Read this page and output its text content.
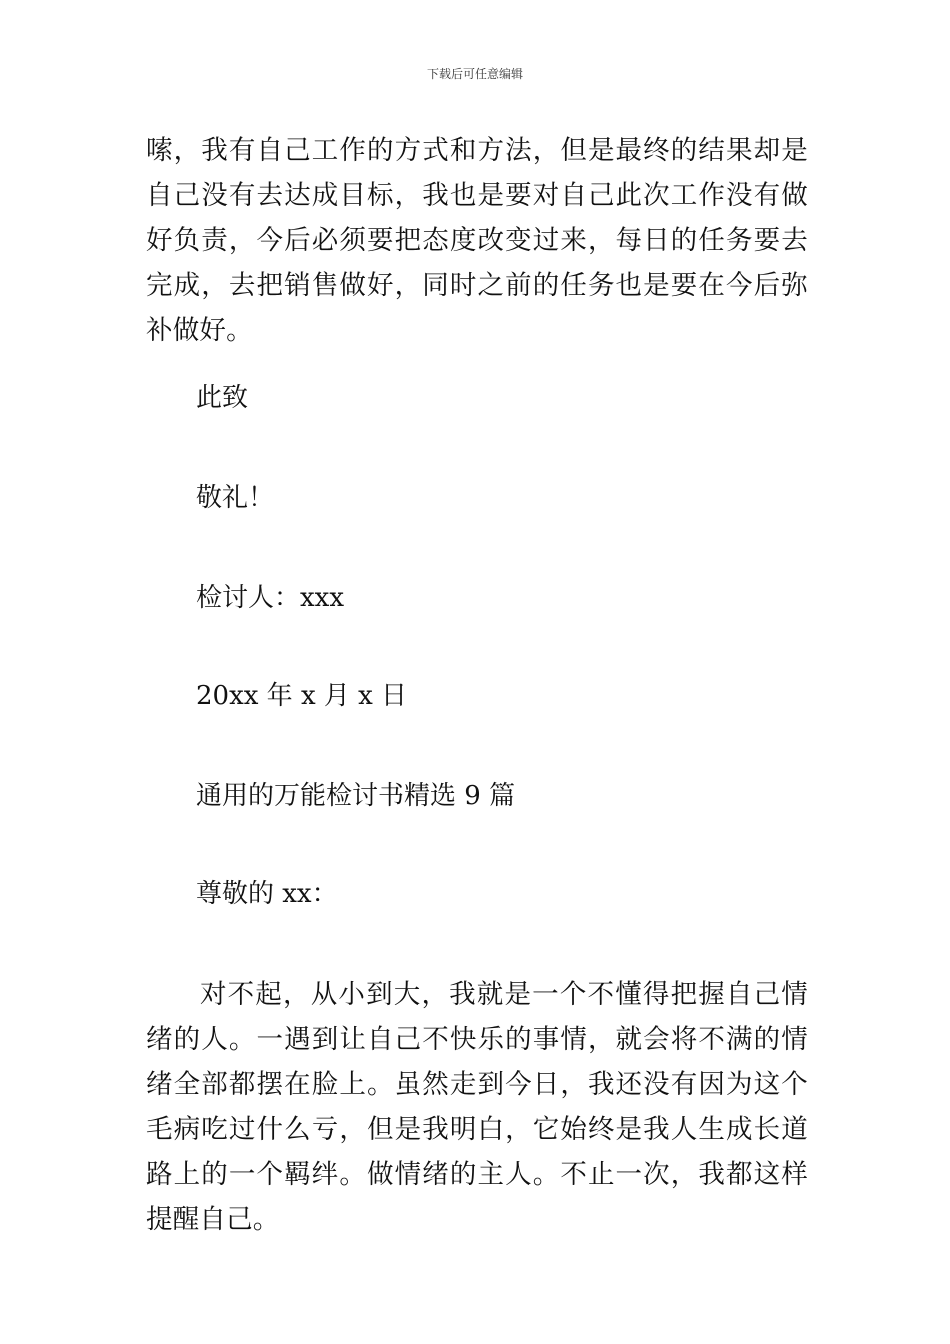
下载后可任意编辑

嗦，我有自己工作的方式和方法，但是最终的结果却是自己没有去达成目标，我也是要对自己此次工作没有做好负责，今后必须要把态度改变过来，每日的任务要去完成，去把销售做好，同时之前的任务也是要在今后弥补做好。

此致
敬礼！
检讨人：xxx
20xx 年 x 月 x 日
通用的万能检讨书精选 9 篇
尊敬的 xx：

对不起，从小到大，我就是一个不懂得把握自己情绪的人。一遇到让自己不快乐的事情，就会将不满的情绪全部都摆在脸上。虽然走到今日，我还没有因为这个毛病吃过什么亏，但是我明白，它始终是我人生成长道路上的一个羁绊。做情绪的主人。不止一次，我都这样提醒自己。
